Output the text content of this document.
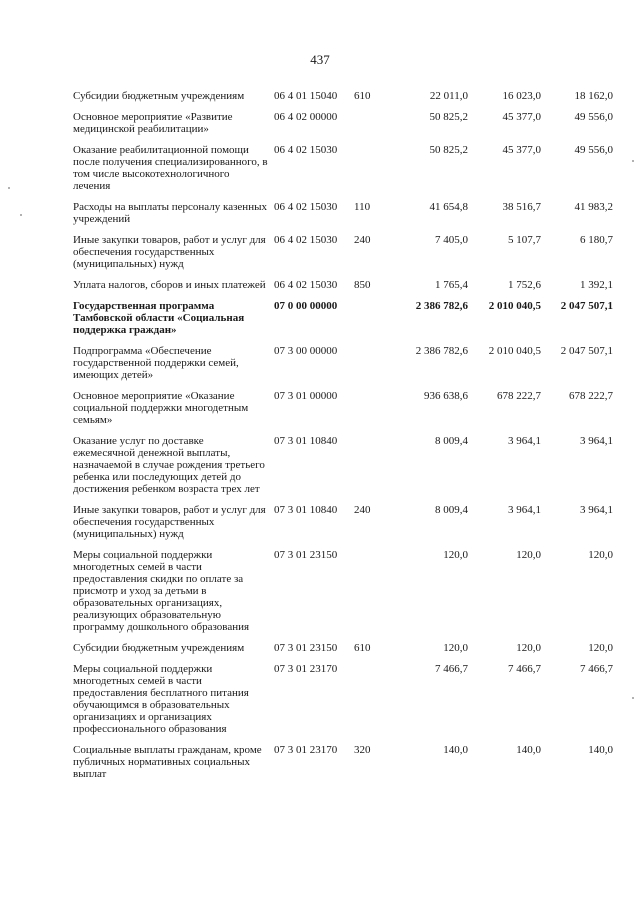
437
Субсидии бюджетным учреждениям	06 4 01 15040	610	22 011,0	16 023,0	18 162,0
Основное мероприятие «Развитие медицинской реабилитации»	06 4 02 00000		50 825,2	45 377,0	49 556,0
Оказание реабилитационной помощи после получения специализированного, в том числе высокотехнологичного лечения	06 4 02 15030		50 825,2	45 377,0	49 556,0
Расходы на выплаты персоналу казенных учреждений	06 4 02 15030	110	41 654,8	38 516,7	41 983,2
Иные закупки товаров, работ и услуг для обеспечения государственных (муниципальных) нужд	06 4 02 15030	240	7 405,0	5 107,7	6 180,7
Уплата налогов, сборов и иных платежей	06 4 02 15030	850	1 765,4	1 752,6	1 392,1
Государственная программа Тамбовской области «Социальная поддержка граждан»	07 0 00 00000		2 386 782,6	2 010 040,5	2 047 507,1
Подпрограмма «Обеспечение государственной поддержки семей, имеющих детей»	07 3 00 00000		2 386 782,6	2 010 040,5	2 047 507,1
Основное мероприятие «Оказание социальной поддержки многодетным семьям»	07 3 01 00000		936 638,6	678 222,7	678 222,7
Оказание услуг по доставке ежемесячной денежной выплаты, назначаемой в случае рождения третьего ребенка или последующих детей до достижения ребенком возраста трех лет	07 3 01 10840		8 009,4	3 964,1	3 964,1
Иные закупки товаров, работ и услуг для обеспечения государственных (муниципальных) нужд	07 3 01 10840	240	8 009,4	3 964,1	3 964,1
Меры социальной поддержки многодетных семей в части предоставления скидки по оплате за присмотр и уход за детьми в образовательных организациях, реализующих образовательную программу дошкольного образования	07 3 01 23150		120,0	120,0	120,0
Субсидии бюджетным учреждениям	07 3 01 23150	610	120,0	120,0	120,0
Меры социальной поддержки многодетных семей в части предоставления бесплатного питания обучающимся в образовательных организациях и организациях профессионального образования	07 3 01 23170		7 466,7	7 466,7	7 466,7
Социальные выплаты гражданам, кроме публичных нормативных социальных выплат	07 3 01 23170	320	140,0	140,0	140,0
